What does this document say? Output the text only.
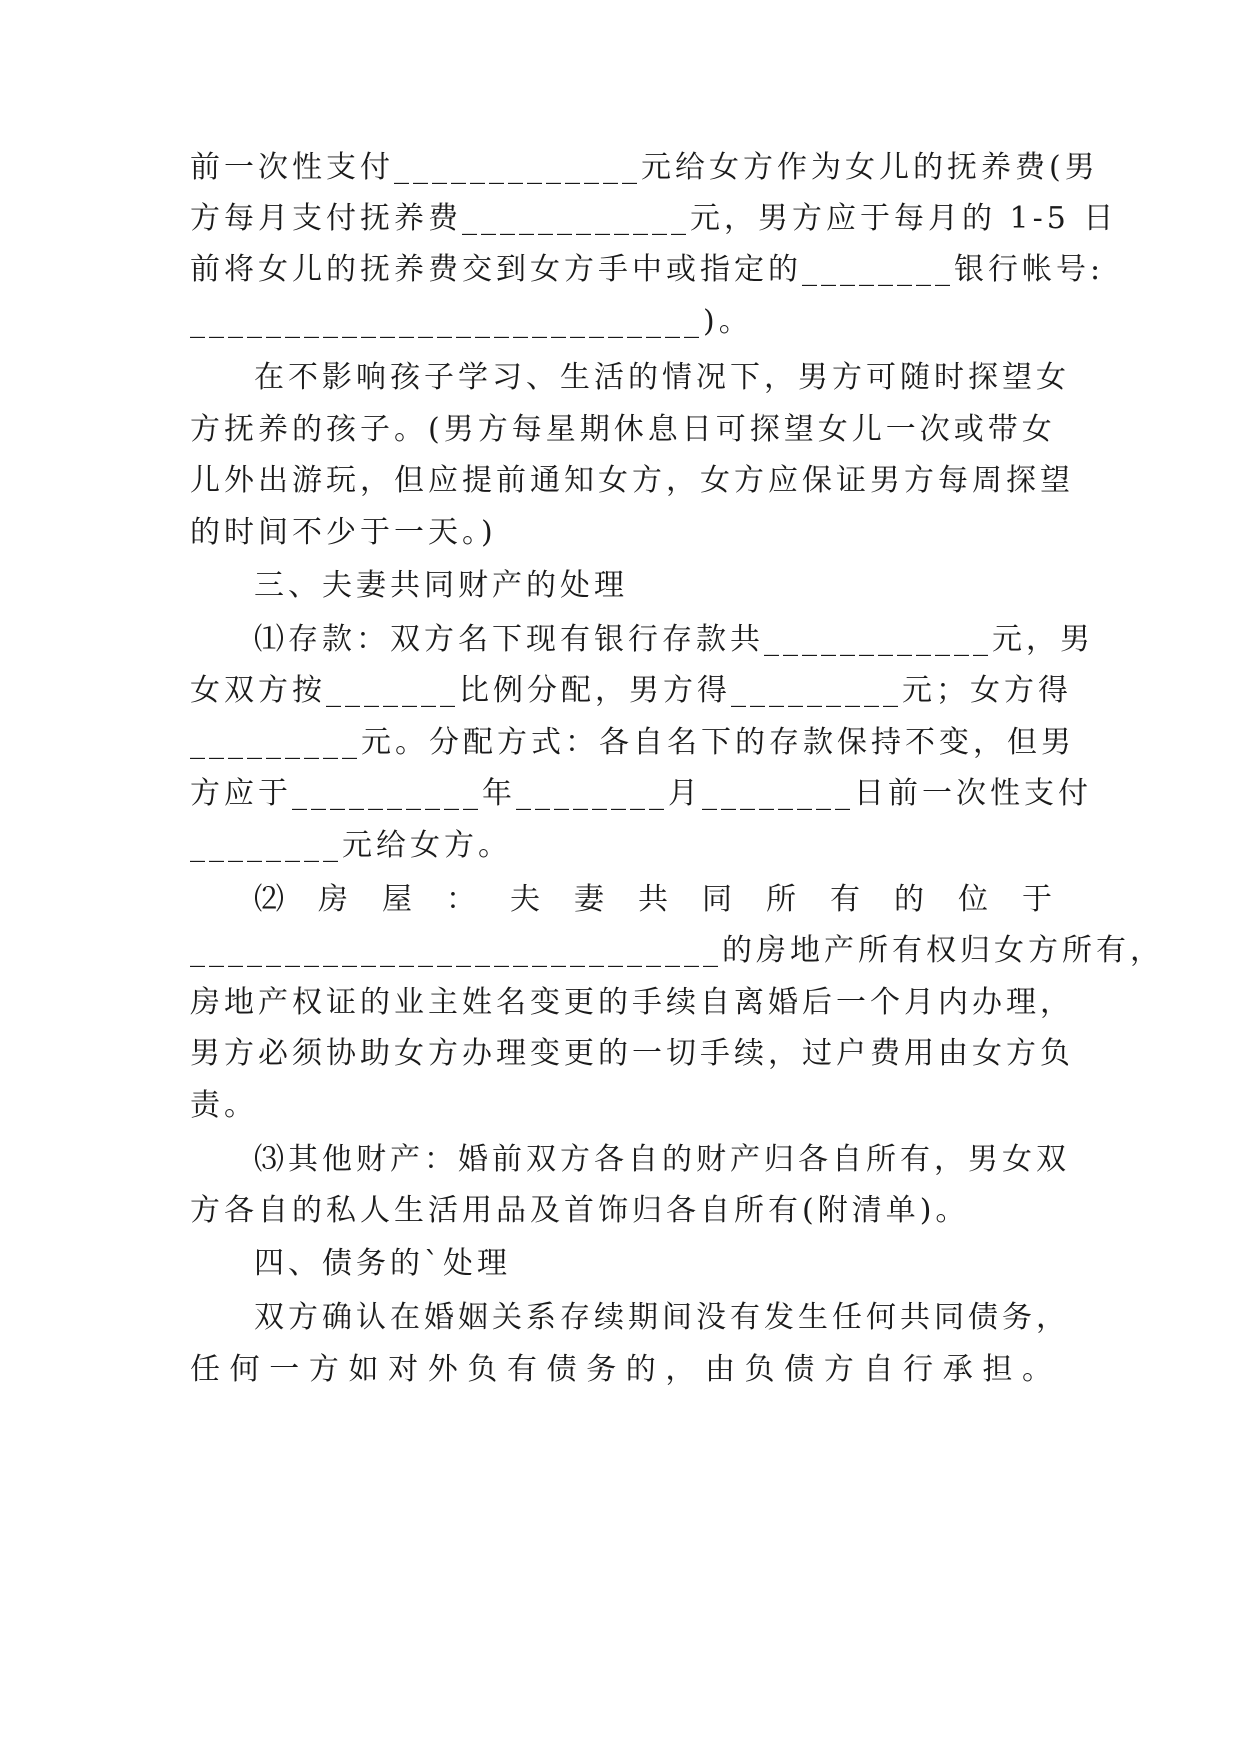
前一次性支付_____________元给女方作为女儿的抚养费(男
方每月支付抚养费____________元，男方应于每月的 1-5 日
前将女儿的抚养费交到女方手中或指定的________银行帐号:
___________________________)。
在不影响孩子学习、生活的情况下，男方可随时探望女
方抚养的孩子。(男方每星期休息日可探望女儿一次或带女
儿外出游玩，但应提前通知女方，女方应保证男方每周探望
的时间不少于一天。)
三、夫妻共同财产的处理
⑴存款：双方名下现有银行存款共____________元，男
女双方按_______比例分配，男方得_________元；女方得
_________元。分配方式：各自名下的存款保持不变，但男
方应于__________年________月________日前一次性支付
________元给女方。
⑵ 房 屋 ： 夫 妻 共 同 所 有 的 位 于
____________________________的房地产所有权归女方所有，
房地产权证的业主姓名变更的手续自离婚后一个月内办理，
男方必须协助女方办理变更的一切手续，过户费用由女方负
责。
⑶其他财产：婚前双方各自的财产归各自所有，男女双
方各自的私人生活用品及首饰归各自所有(附清单)。
四、债务的`处理
双方确认在婚姻关系存续期间没有发生任何共同债务，
任何一方如对外负有债务的，由负债方自行承担。
